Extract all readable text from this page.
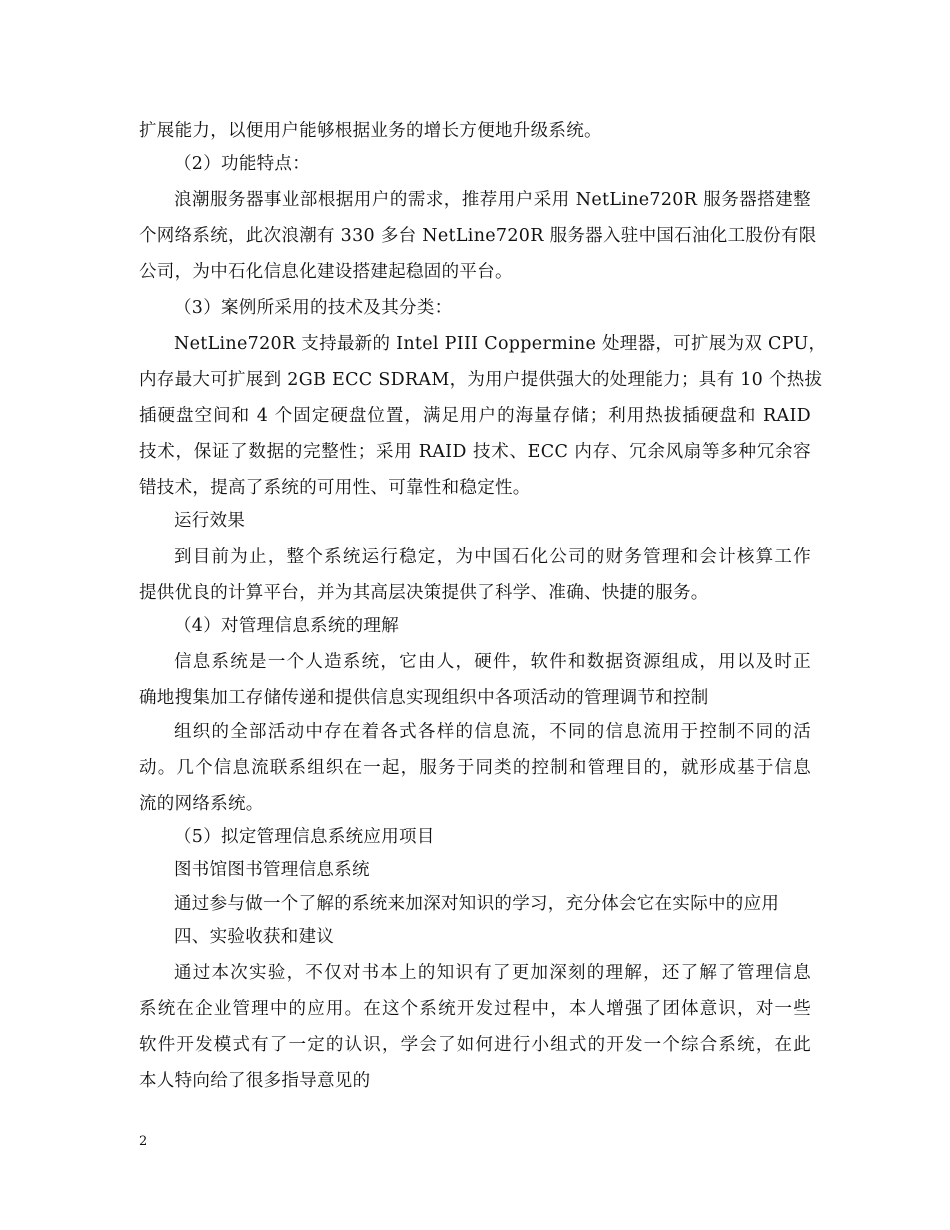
扩展能力，以便用户能够根据业务的增长方便地升级系统。
（2）功能特点：
浪潮服务器事业部根据用户的需求，推荐用户采用 NetLine720R 服务器搭建整
个网络系统，此次浪潮有 330 多台 NetLine720R 服务器入驻中国石油化工股份有限
公司，为中石化信息化建设搭建起稳固的平台。
（3）案例所采用的技术及其分类：
NetLine720R 支持最新的 Intel PIII Coppermine 处理器，可扩展为双 CPU，
内存最大可扩展到 2GB ECC SDRAM，为用户提供强大的处理能力；具有 10 个热拔
插硬盘空间和 4 个固定硬盘位置，满足用户的海量存储；利用热拔插硬盘和 RAID
技术，保证了数据的完整性；采用 RAID 技术、ECC 内存、冗余风扇等多种冗余容
错技术，提高了系统的可用性、可靠性和稳定性。
运行效果
到目前为止，整个系统运行稳定，为中国石化公司的财务管理和会计核算工作
提供优良的计算平台，并为其高层决策提供了科学、准确、快捷的服务。
（4）对管理信息系统的理解
信息系统是一个人造系统，它由人，硬件，软件和数据资源组成，用以及时正
确地搜集加工存储传递和提供信息实现组织中各项活动的管理调节和控制
组织的全部活动中存在着各式各样的信息流，不同的信息流用于控制不同的活
动。几个信息流联系组织在一起，服务于同类的控制和管理目的，就形成基于信息
流的网络系统。
（5）拟定管理信息系统应用项目
图书馆图书管理信息系统
通过参与做一个了解的系统来加深对知识的学习，充分体会它在实际中的应用
四、实验收获和建议
通过本次实验，不仅对书本上的知识有了更加深刻的理解，还了解了管理信息
系统在企业管理中的应用。在这个系统开发过程中，本人增强了团体意识，对一些
软件开发模式有了一定的认识，学会了如何进行小组式的开发一个综合系统，在此
本人特向给了很多指导意见的
2
